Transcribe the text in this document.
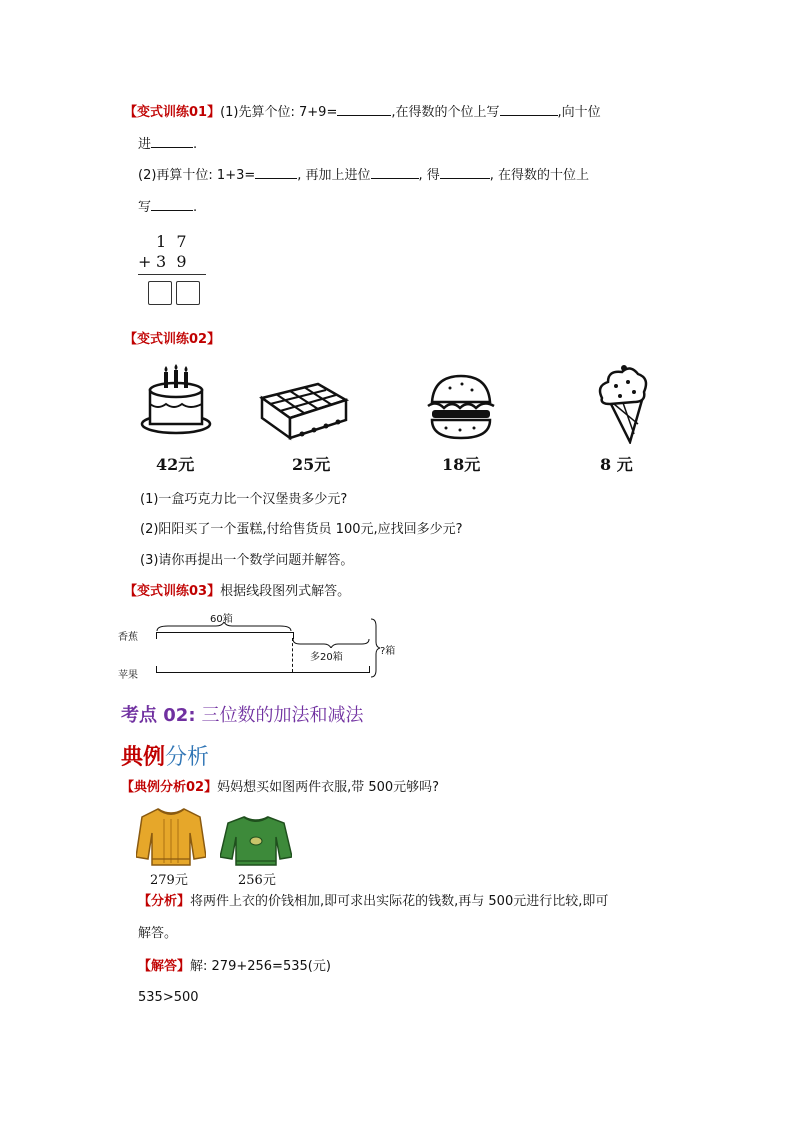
【变式训练01】(1)先算个位: 7+9=	,在得数的个位上写	,向十位
进	.
(2)再算十位: 1+3=	, 再加上进位	, 得	, 在得数的十位上
写	.
1  7
+ 3  9
【变式训练02】
42元	25元	18元	8 元
(1)一盒巧克力比一个汉堡贵多少元?
(2)阳阳买了一个蛋糕,付给售货员 100元,应找回多少元?
(3)请你再提出一个数学问题并解答。
【变式训练03】根据线段图列式解答。
60箱
香蕉
苹果
多20箱
?箱
考点 02: 三位数的加法和减法
典例分析
【典例分析02】妈妈想买如图两件衣服,带 500元够吗?
279元	256元
【分析】将两件上衣的价钱相加,即可求出实际花的钱数,再与 500元进行比较,即可
解答。
【解答】解: 279+256=535(元)
535>500
